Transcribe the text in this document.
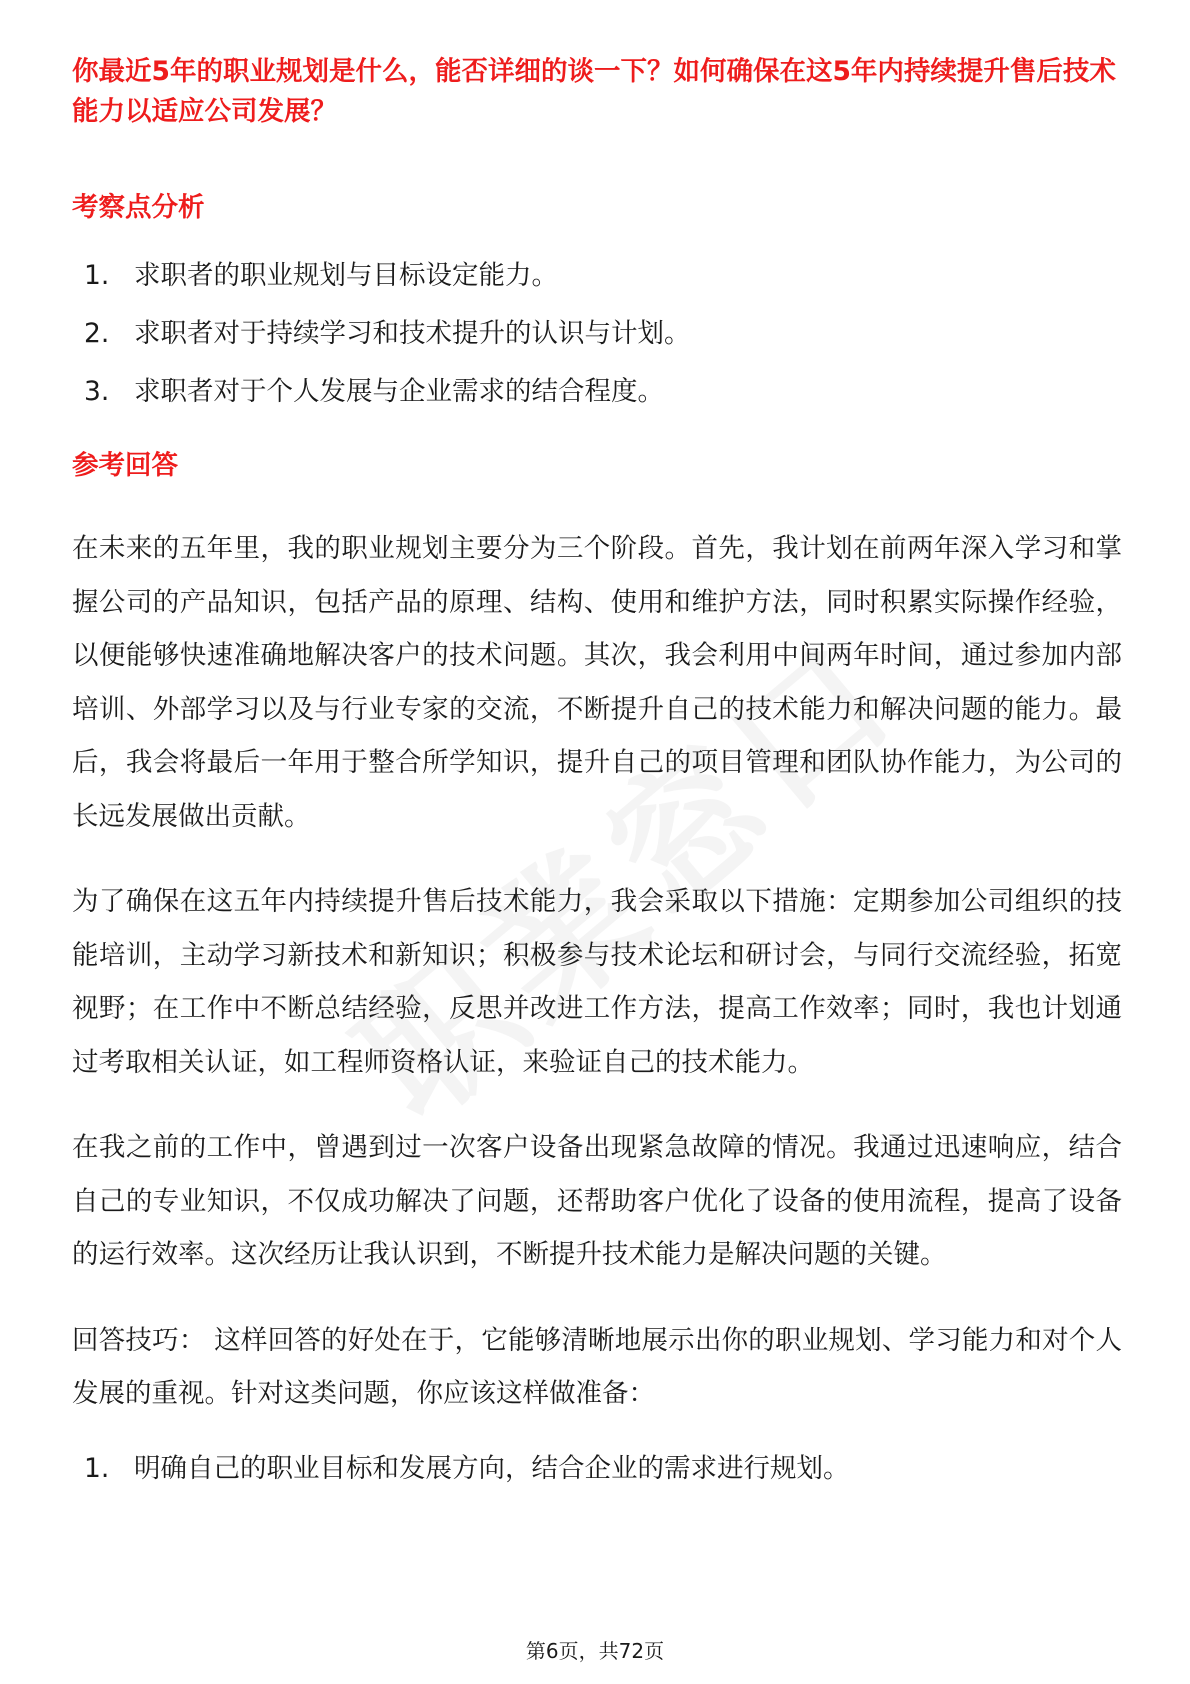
你最近5年的职业规划是什么，能否详细的谈一下？如何确保在这5年内持续提升售后技术能力以适应公司发展？

考察点分析

1. 求职者的职业规划与目标设定能力。
2. 求职者对于持续学习和技术提升的认识与计划。
3. 求职者对于个人发展与企业需求的结合程度。

参考回答

在未来的五年里，我的职业规划主要分为三个阶段。首先，我计划在前两年深入学习和掌握公司的产品知识，包括产品的原理、结构、使用和维护方法，同时积累实际操作经验，以便能够快速准确地解决客户的技术问题。其次，我会利用中间两年时间，通过参加内部培训、外部学习以及与行业专家的交流，不断提升自己的技术能力和解决问题的能力。最后，我会将最后一年用于整合所学知识，提升自己的项目管理和团队协作能力，为公司的长远发展做出贡献。

为了确保在这五年内持续提升售后技术能力，我会采取以下措施：定期参加公司组织的技能培训，主动学习新技术和新知识；积极参与技术论坛和研讨会，与同行交流经验，拓宽视野；在工作中不断总结经验，反思并改进工作方法，提高工作效率；同时，我也计划通过考取相关认证，如工程师资格认证，来验证自己的技术能力。

在我之前的工作中，曾遇到过一次客户设备出现紧急故障的情况。我通过迅速响应，结合自己的专业知识，不仅成功解决了问题，还帮助客户优化了设备的使用流程，提高了设备的运行效率。这次经历让我认识到，不断提升技术能力是解决问题的关键。

回答技巧： 这样回答的好处在于，它能够清晰地展示出你的职业规划、学习能力和对个人发展的重视。针对这类问题，你应该这样做准备：

1. 明确自己的职业目标和发展方向，结合企业的需求进行规划。
第6页，共72页
